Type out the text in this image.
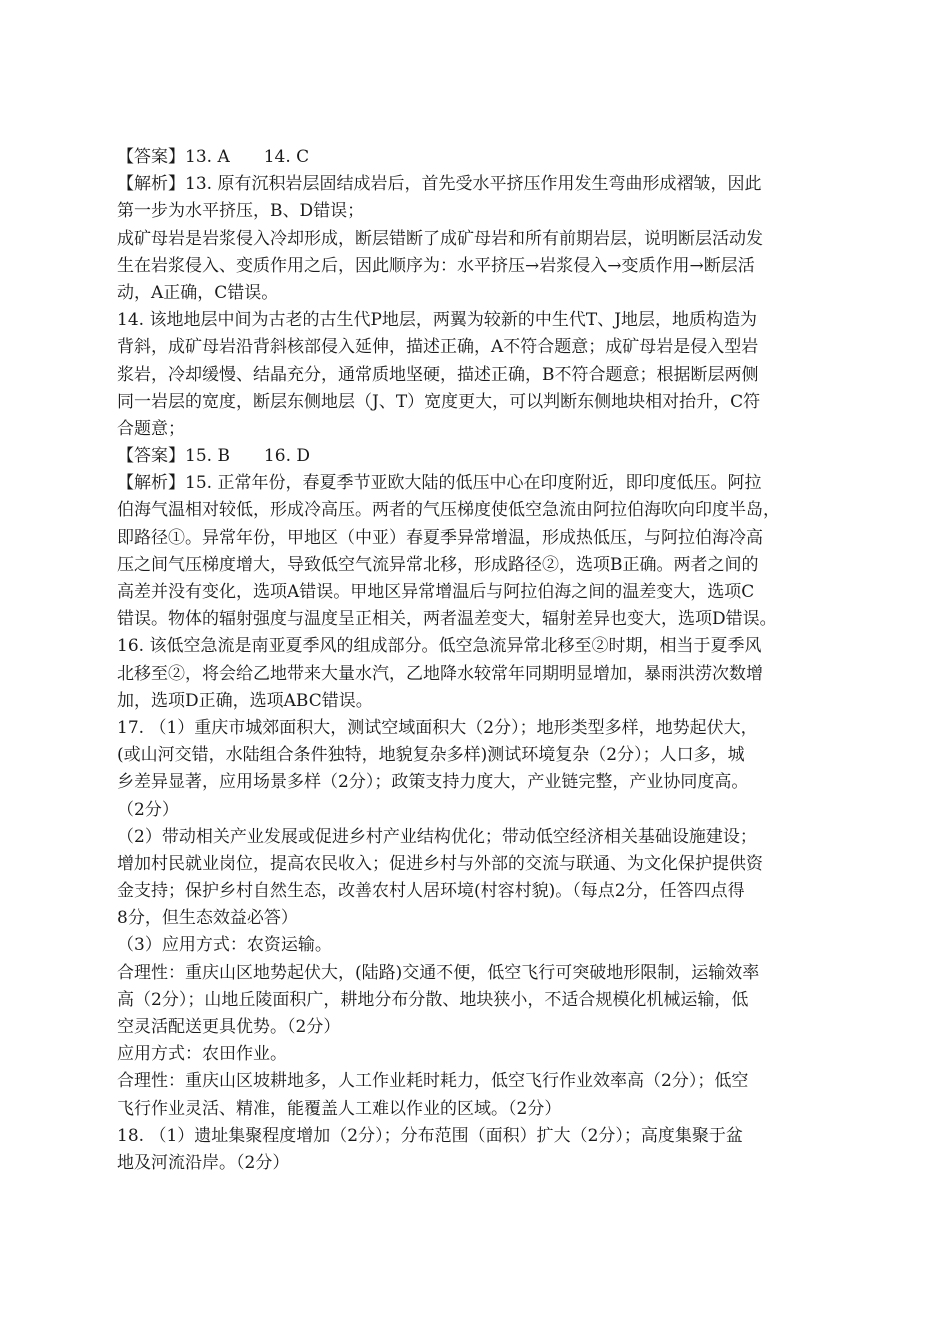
【答案】13. A　　14. C
【解析】13. 原有沉积岩层固结成岩后，首先受水平挤压作用发生弯曲形成褶皱，因此
第一步为水平挤压，B、D错误；
成矿母岩是岩浆侵入冷却形成，断层错断了成矿母岩和所有前期岩层，说明断层活动发
生在岩浆侵入、变质作用之后，因此顺序为：水平挤压→岩浆侵入→变质作用→断层活
动，A正确，C错误。
14. 该地地层中间为古老的古生代P地层，两翼为较新的中生代T、J地层，地质构造为
背斜，成矿母岩沿背斜核部侵入延伸，描述正确，A不符合题意；成矿母岩是侵入型岩
浆岩，冷却缓慢、结晶充分，通常质地坚硬，描述正确，B不符合题意；根据断层两侧
同一岩层的宽度，断层东侧地层（J、T）宽度更大，可以判断东侧地块相对抬升，C符
合题意；
【答案】15. B　　16. D
【解析】15. 正常年份，春夏季节亚欧大陆的低压中心在印度附近，即印度低压。阿拉
伯海气温相对较低，形成冷高压。两者的气压梯度使低空急流由阿拉伯海吹向印度半岛，
即路径①。异常年份，甲地区（中亚）春夏季异常增温，形成热低压，与阿拉伯海冷高
压之间气压梯度增大，导致低空气流异常北移，形成路径②，选项B正确。两者之间的
高差并没有变化，选项A错误。甲地区异常增温后与阿拉伯海之间的温差变大，选项C
错误。物体的辐射强度与温度呈正相关，两者温差变大，辐射差异也变大，选项D错误。
16. 该低空急流是南亚夏季风的组成部分。低空急流异常北移至②时期，相当于夏季风
北移至②，将会给乙地带来大量水汽，乙地降水较常年同期明显增加，暴雨洪涝次数增
加，选项D正确，选项ABC错误。
17. （1）重庆市城郊面积大，测试空域面积大（2分）；地形类型多样，地势起伏大，
(或山河交错，水陆组合条件独特，地貌复杂多样)测试环境复杂（2分）；人口多，城
乡差异显著，应用场景多样（2分）；政策支持力度大，产业链完整，产业协同度高。
（2分）
（2）带动相关产业发展或促进乡村产业结构优化；带动低空经济相关基础设施建设；
增加村民就业岗位，提高农民收入；促进乡村与外部的交流与联通、为文化保护提供资
金支持；保护乡村自然生态，改善农村人居环境(村容村貌)。（每点2分，任答四点得
8分，但生态效益必答）
（3）应用方式：农资运输。
合理性：重庆山区地势起伏大，(陆路)交通不便，低空飞行可突破地形限制，运输效率
高（2分）；山地丘陵面积广，耕地分布分散、地块狭小，不适合规模化机械运输，低
空灵活配送更具优势。（2分）
应用方式：农田作业。
合理性：重庆山区坡耕地多，人工作业耗时耗力，低空飞行作业效率高（2分）；低空
飞行作业灵活、精准，能覆盖人工难以作业的区域。（2分）
18. （1）遗址集聚程度增加（2分）；分布范围（面积）扩大（2分）；高度集聚于盆
地及河流沿岸。（2分）
